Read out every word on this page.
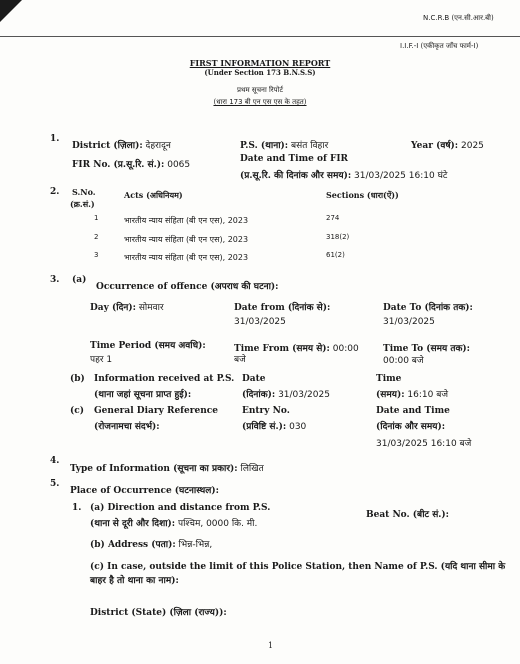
N.C.R.B (एन.सी.आर.बी)
I.I.F.-I (एकीकृत जाँच फार्म-I)
FIRST INFORMATION REPORT
(Under Section 173 B.N.S.S)
प्रथम सूचना रिपोर्ट
(धारा 173 बी एन एस एस के तहत)
1.
District (ज़िला): देहरादून	P.S. (थाना): बसंत विहार	Year (वर्ष): 2025
FIR No. (प्र.सू.रि. सं.): 0065
Date and Time of FIR
(प्र.सू.रि. की दिनांक और समय): 31/03/2025 16:10 घंटे
2. S.No.
(क्र.सं.)
Acts (अधिनियम)	Sections (धारा(ऐं))
1	भारतीय न्याय संहिता (बी एन एस), 2023	274
2	भारतीय न्याय संहिता (बी एन एस), 2023	318(2)
3	भारतीय न्याय संहिता (बी एन एस), 2023	61(2)
3. (a)
Occurrence of offence (अपराध की घटना):
Day (दिन): सोमवार	Date from (दिनांक से):
31/03/2025
Date To (दिनांक तक):
31/03/2025
Time Period (समय अवधि):
पहर 1
Time From (समय से): 00:00
बजे
Time To (समय तक):
00:00 बजे
(b) Information received at P.S.
(थाना जहां सूचना प्राप्त हुई):
Date
(दिनांक): 31/03/2025
Time
(समय): 16:10 बजे
(c) General Diary Reference
(रोजनामचा संदर्भ):
Entry No.
(प्रविष्टि सं.): 030
Date and Time
(दिनांक और समय):
31/03/2025 16:10 बजे
4.
Type of Information (सूचना का प्रकार): लिखित
5.
Place of Occurrence (घटनास्थल):
1. (a) Direction and distance from P.S.
(थाना से दूरी और दिशा): पश्चिम, 0000 कि. मी.
Beat No. (बीट सं.):
(b) Address (पता): भिन्न-भिन्न,
(c) In case, outside the limit of this Police Station, then Name of P.S. (यदि थाना सीमा के
बाहर है तो थाना का नाम):
District (State) (ज़िला (राज्य)):
1
